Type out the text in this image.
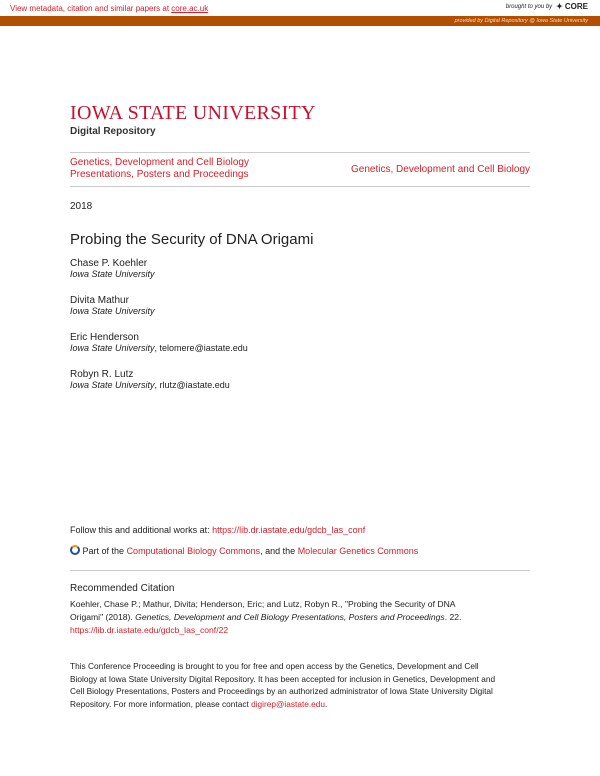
View metadata, citation and similar papers at core.ac.uk	brought to you by ✦ CORE
provided by Digital Repository @ Iowa State University
IOWA STATE UNIVERSITY
Digital Repository
Genetics, Development and Cell Biology
Presentations, Posters and Proceedings	Genetics, Development and Cell Biology
2018
Probing the Security of DNA Origami
Chase P. Koehler
Iowa State University
Divita Mathur
Iowa State University
Eric Henderson
Iowa State University, telomere@iastate.edu
Robyn R. Lutz
Iowa State University, rlutz@iastate.edu
Follow this and additional works at: https://lib.dr.iastate.edu/gdcb_las_conf
Part of the Computational Biology Commons, and the Molecular Genetics Commons
Recommended Citation
Koehler, Chase P.; Mathur, Divita; Henderson, Eric; and Lutz, Robyn R., "Probing the Security of DNA
Origami" (2018). Genetics, Development and Cell Biology Presentations, Posters and Proceedings. 22.
https://lib.dr.iastate.edu/gdcb_las_conf/22
This Conference Proceeding is brought to you for free and open access by the Genetics, Development and Cell
Biology at Iowa State University Digital Repository. It has been accepted for inclusion in Genetics, Development and
Cell Biology Presentations, Posters and Proceedings by an authorized administrator of Iowa State University Digital
Repository. For more information, please contact digirep@iastate.edu.
